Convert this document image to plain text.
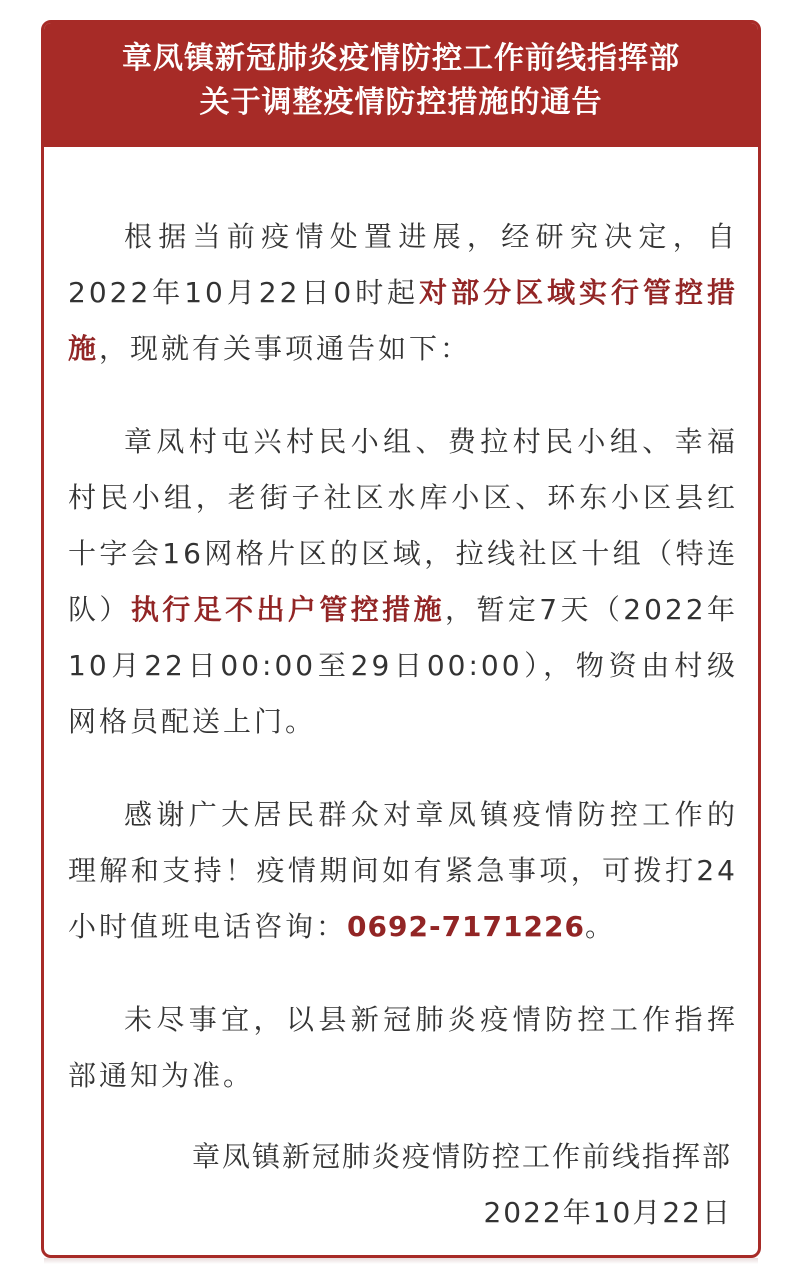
章凤镇新冠肺炎疫情防控工作前线指挥部
关于调整疫情防控措施的通告

根据当前疫情处置进展，经研究决定，自2022年10月22日0时起对部分区域实行管控措施，现就有关事项通告如下：

章凤村屯兴村民小组、费拉村民小组、幸福村民小组，老街子社区水库小区、环东小区县红十字会16网格片区的区域，拉线社区十组（特连队）执行足不出户管控措施，暂定7天（2022年10月22日00:00至29日00:00），物资由村级网格员配送上门。

感谢广大居民群众对章凤镇疫情防控工作的理解和支持！疫情期间如有紧急事项，可拨打24小时值班电话咨询：0692-7171226。

未尽事宜，以县新冠肺炎疫情防控工作指挥部通知为准。

章凤镇新冠肺炎疫情防控工作前线指挥部
2022年10月22日
